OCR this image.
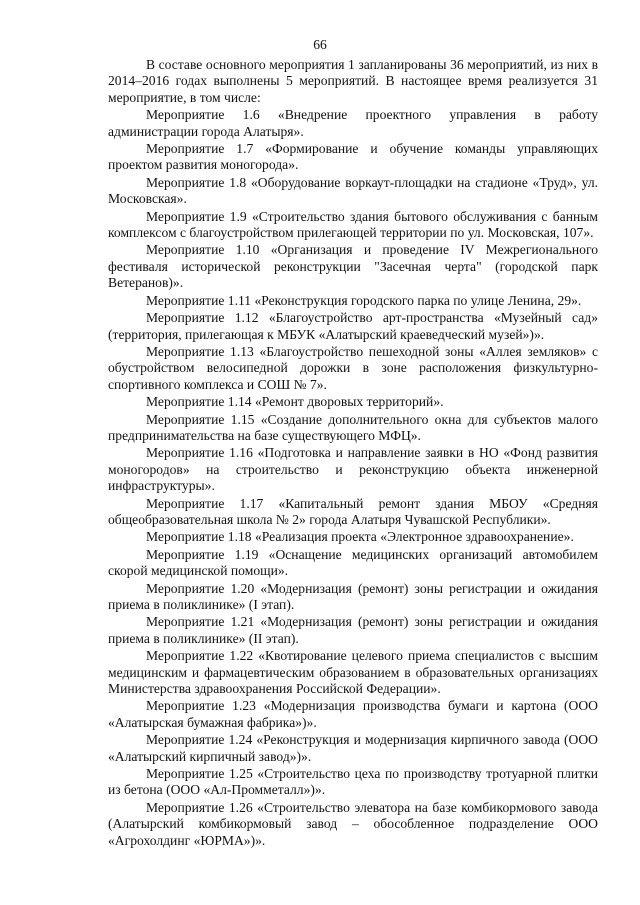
66

В составе основного мероприятия 1 запланированы 36 мероприятий, из них в 2014–2016 годах выполнены 5 мероприятий. В настоящее время реализуется 31 мероприятие, в том числе:

Мероприятие 1.6 «Внедрение проектного управления в работу администрации города Алатыря».

Мероприятие 1.7 «Формирование и обучение команды управляющих проектом развития моногорода».

Мероприятие 1.8 «Оборудование воркаут-площадки на стадионе «Труд», ул. Московская».

Мероприятие 1.9 «Строительство здания бытового обслуживания с банным комплексом с благоустройством прилегающей территории по ул. Московская, 107».

Мероприятие 1.10 «Организация и проведение IV Межрегионального фестиваля исторической реконструкции "Засечная черта" (городской парк Ветеранов)».

Мероприятие 1.11 «Реконструкция городского парка по улице Ленина, 29».

Мероприятие 1.12 «Благоустройство арт-пространства «Музейный сад» (территория, прилегающая к МБУК «Алатырский краеведческий музей»)».

Мероприятие 1.13 «Благоустройство пешеходной зоны «Аллея земляков» с обустройством велосипедной дорожки в зоне расположения физкультурно-спортивного комплекса и СОШ № 7».

Мероприятие 1.14 «Ремонт дворовых территорий».

Мероприятие 1.15 «Создание дополнительного окна для субъектов малого предпринимательства на базе существующего МФЦ».

Мероприятие 1.16 «Подготовка и направление заявки в НО «Фонд развития моногородов» на строительство и реконструкцию объекта инженерной инфраструктуры».

Мероприятие 1.17 «Капитальный ремонт здания МБОУ «Средняя общеобразовательная школа № 2» города Алатыря Чувашской Республики».

Мероприятие 1.18 «Реализация проекта «Электронное здравоохранение».

Мероприятие 1.19 «Оснащение медицинских организаций автомобилем скорой медицинской помощи».

Мероприятие 1.20 «Модернизация (ремонт) зоны регистрации и ожидания приема в поликлинике» (I этап).

Мероприятие 1.21 «Модернизация (ремонт) зоны регистрации и ожидания приема в поликлинике» (II этап).

Мероприятие 1.22 «Квотирование целевого приема специалистов с высшим медицинским и фармацевтическим образованием в образовательных организациях Министерства здравоохранения Российской Федерации».

Мероприятие 1.23 «Модернизация производства бумаги и картона (ООО «Алатырская бумажная фабрика»)».

Мероприятие 1.24 «Реконструкция и модернизация кирпичного завода (ООО «Алатырский кирпичный завод»)».

Мероприятие 1.25 «Строительство цеха по производству тротуарной плитки из бетона (ООО «Ал-Промметалл»)».

Мероприятие 1.26 «Строительство элеватора на базе комбикормового завода (Алатырский комбикормовый завод – обособленное подразделение ООО «Агрохолдинг «ЮРМА»)».
